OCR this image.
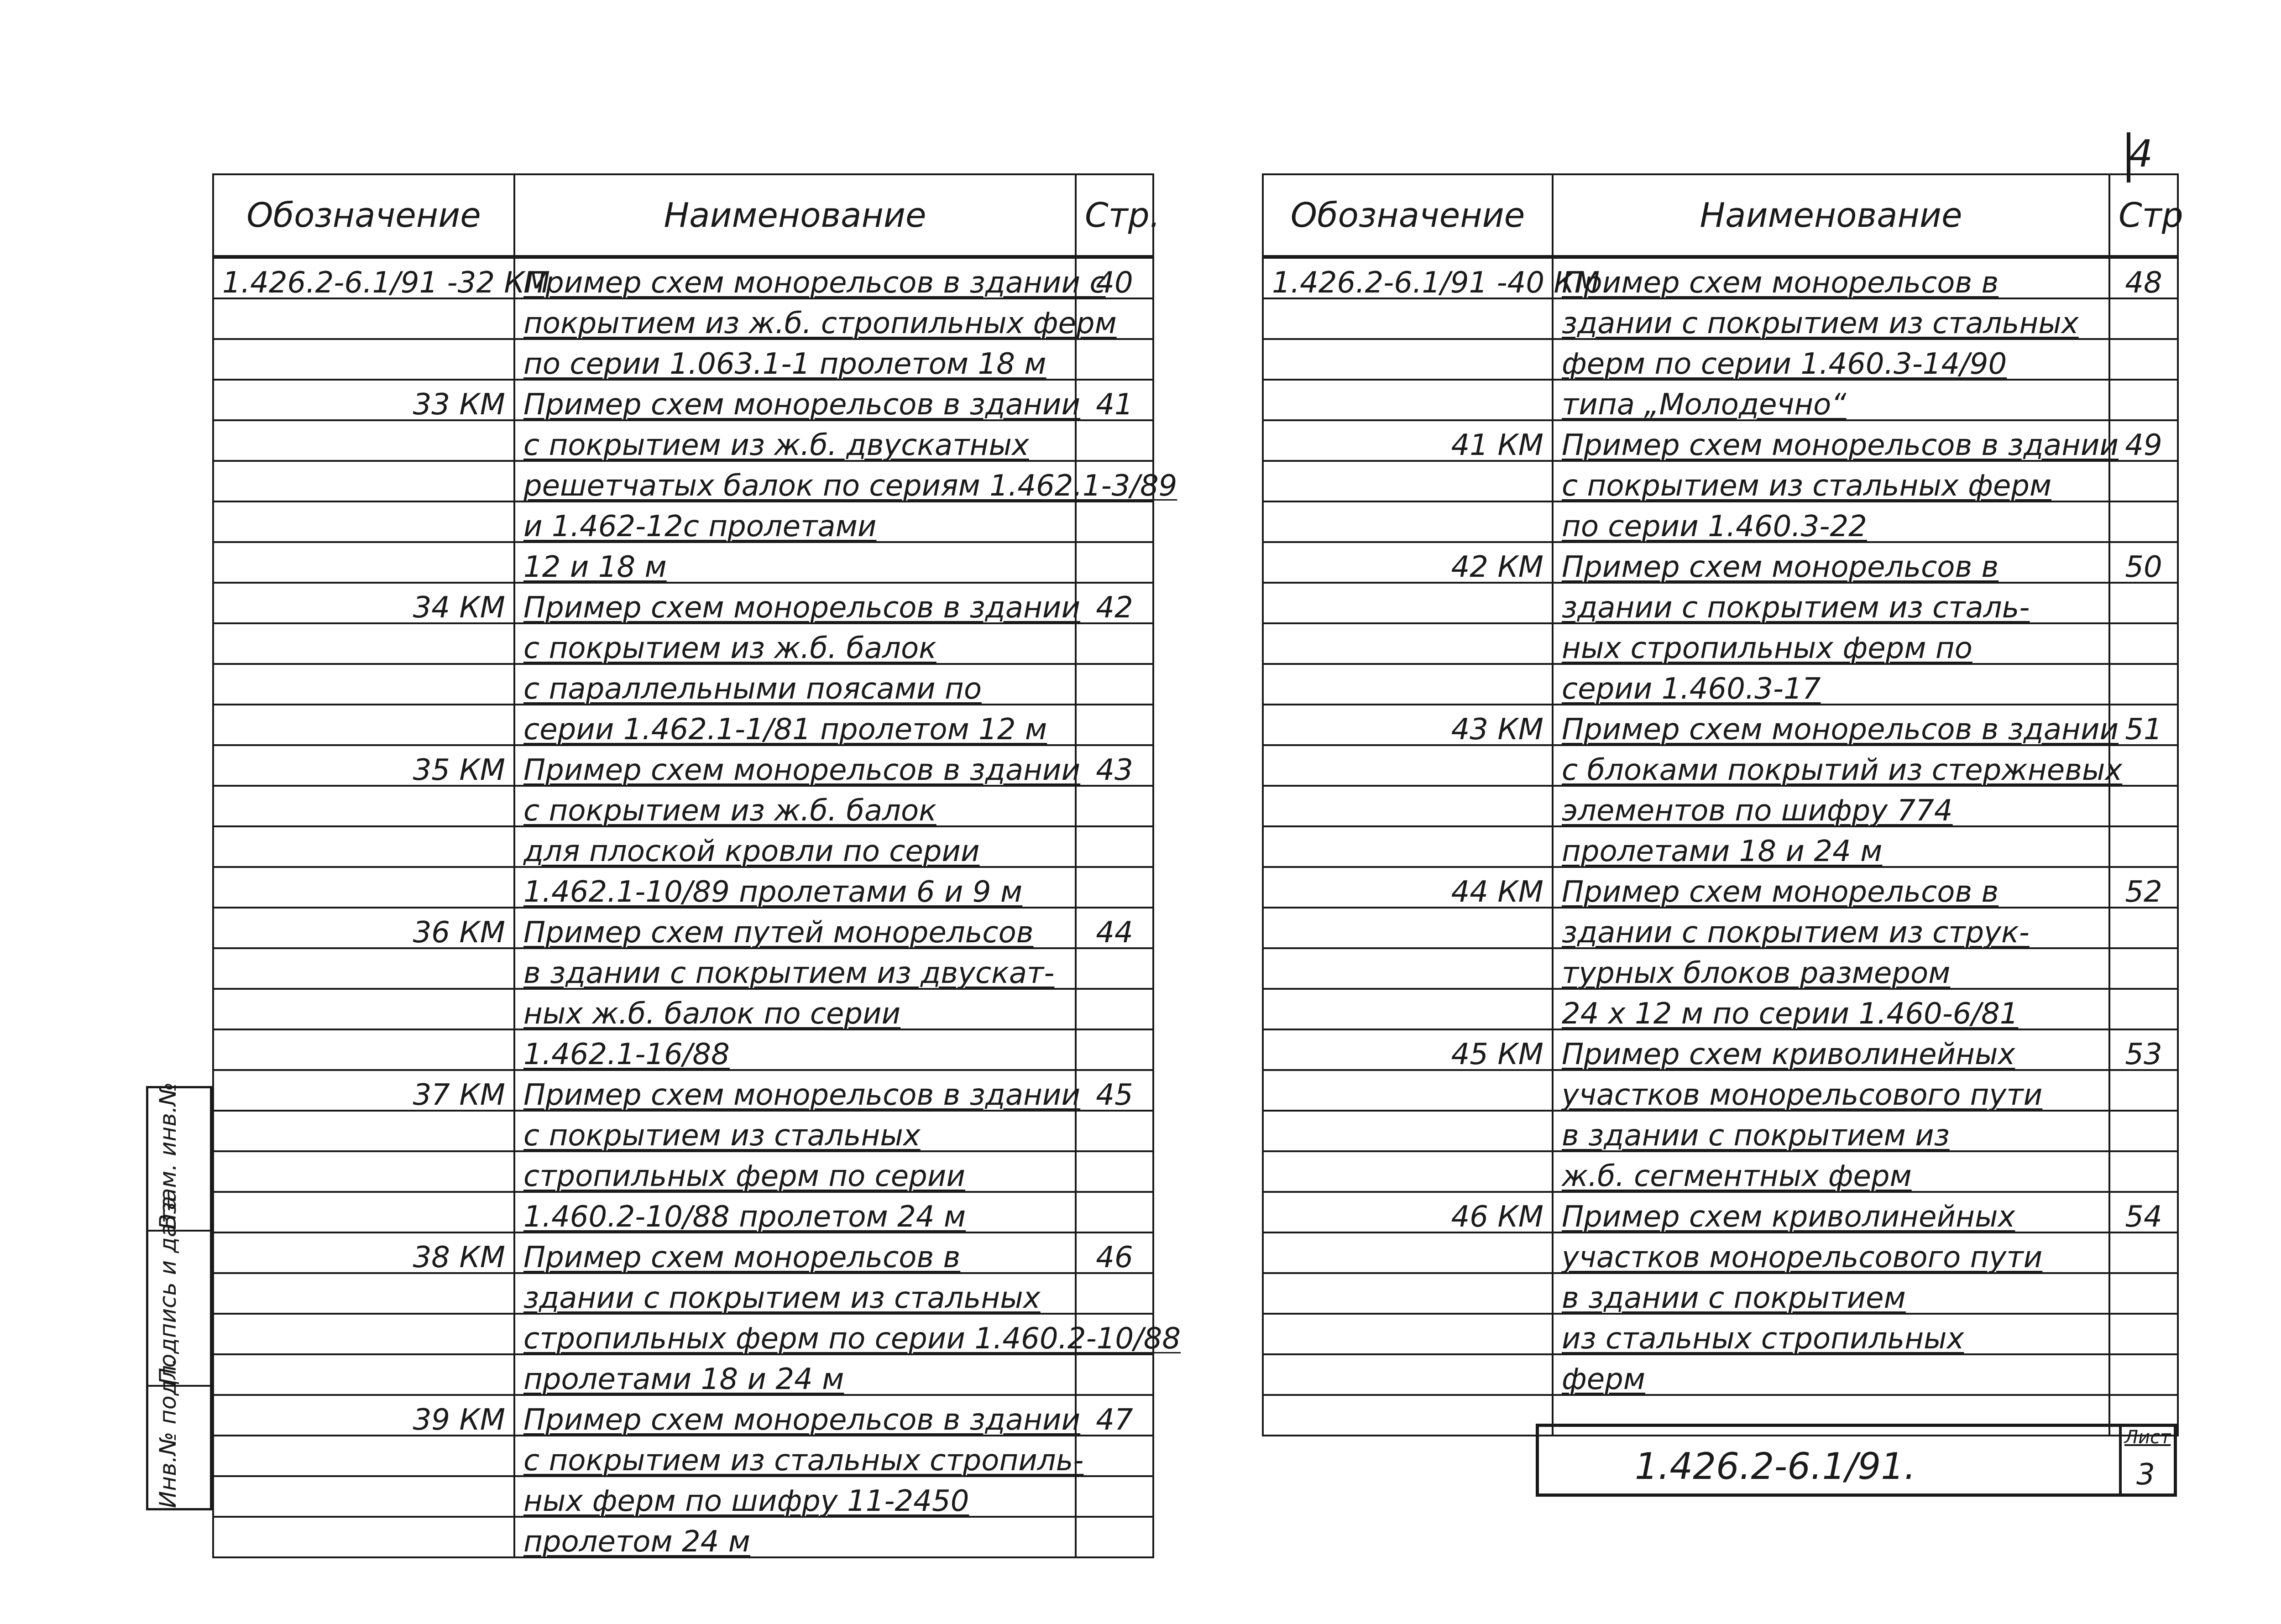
4
Обозначение	Наименование	Стр.
1.426.2-6.1/91 -32 КМ	Пример схем монорельсов в здании с	40
	покрытием из ж.б. стропильных ферм	
	по серии 1.063.1-1 пролетом 18 м	
33 КМ	Пример схем монорельсов в здании	41
	с покрытием из ж.б. двускатных	
	решетчатых балок по сериям 1.462.1-3/89	
	и 1.462-12с пролетами	
	12 и 18 м	
34 КМ	Пример схем монорельсов в здании	42
	с покрытием из ж.б. балок	
	с параллельными поясами по	
	серии 1.462.1-1/81 пролетом 12 м	
35 КМ	Пример схем монорельсов в здании	43
	с покрытием из ж.б. балок	
	для плоской кровли по серии	
	1.462.1-10/89 пролетами 6 и 9 м	
36 КМ	Пример схем путей монорельсов	44
	в здании с покрытием из двускат-	
	ных ж.б. балок по серии	
	1.462.1-16/88	
37 КМ	Пример схем монорельсов в здании	45
	с покрытием из стальных	
	стропильных ферм по серии	
	1.460.2-10/88 пролетом 24 м	
38 КМ	Пример схем монорельсов в	46
	здании с покрытием из стальных	
	стропильных ферм по серии 1.460.2-10/88	
	пролетами 18 и 24 м	
39 КМ	Пример схем монорельсов в здании	47
	с покрытием из стальных стропиль-	
	ных ферм по шифру 11-2450	
	пролетом 24 м	
Обозначение	Наименование	Стр
1.426.2-6.1/91 -40 КМ	Пример схем монорельсов в	48
	здании с покрытием из стальных	
	ферм по серии 1.460.3-14/90	
	типа „Молодечно“	
41 КМ	Пример схем монорельсов в здании	49
	с покрытием из стальных ферм	
	по серии 1.460.3-22	
42 КМ	Пример схем монорельсов в	50
	здании с покрытием из сталь-	
	ных стропильных ферм по	
	серии 1.460.3-17	
43 КМ	Пример схем монорельсов в здании	51
	с блоками покрытий из стержневых	
	элементов по шифру 774	
	пролетами 18 и 24 м	
44 КМ	Пример схем монорельсов в	52
	здании с покрытием из струк-	
	турных блоков размером	
	24 x 12 м по серии 1.460-6/81	
45 КМ	Пример схем криволинейных	53
	участков монорельсового пути	
	в здании с покрытием из	
	ж.б. сегментных ферм	
46 КМ	Пример схем криволинейных	54
	участков монорельсового пути	
	в здании с покрытием	
	из стальных стропильных	
	ферм	

Взам. инв.№
Подпись и дата
Инв.№ подл.	1.426.2-6.1/91.
Лист
3
